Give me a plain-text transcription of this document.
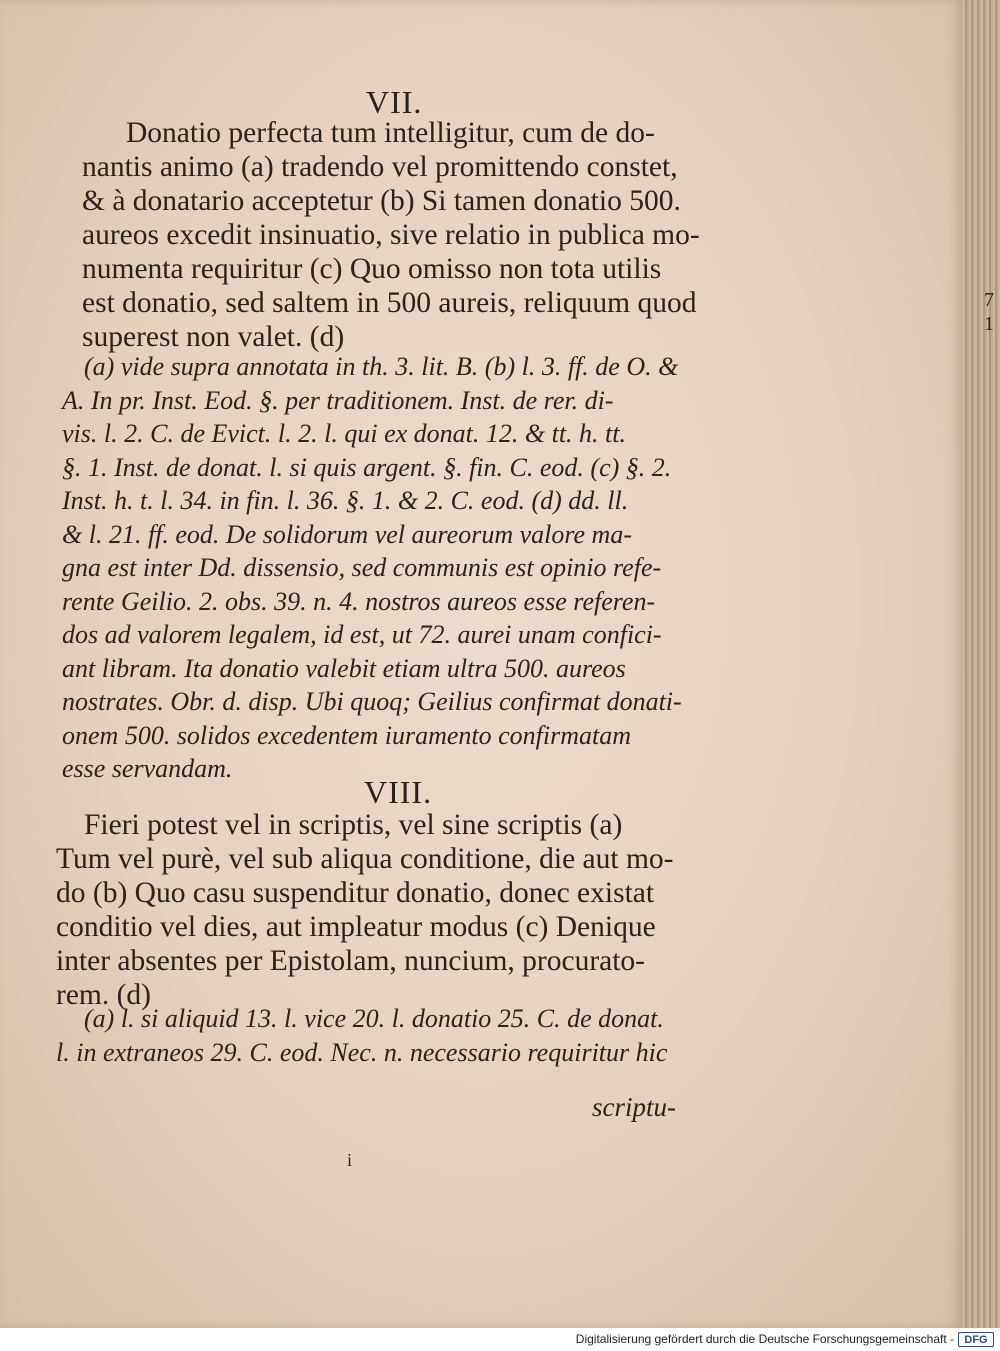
VII.
Donatio perfecta tum intelligitur, cum de do-
nantis animo (a) tradendo vel promittendo constet,
& à donatario acceptetur (b) Si tamen donatio 500.
aureos excedit insinuatio, sive relatio in publica mo-
numenta requiritur (c) Quo omisso non tota utilis
est donatio, sed saltem in 500 aureis, reliquum quod
superest non valet. (d)
(a) vide supra annotata in th. 3. lit. B. (b) l. 3. ff. de O. &
A. In pr. Inst. Eod. §. per traditionem. Inst. de rer. di-
vis. l. 2. C. de Evict. l. 2. l. qui ex donat. 12. & tt. h. tt.
§. 1. Inst. de donat. l. si quis argent. §. fin. C. eod. (c) §. 2.
Inst. h. t. l. 34. in fin. l. 36. §. 1. & 2. C. eod. (d) dd. ll.
& l. 21. ff. eod. De solidorum vel aureorum valore ma-
gna est inter Dd. dissensio, sed communis est opinio refe-
rente Geilio. 2. obs. 39. n. 4. nostros aureos esse referen-
dos ad valorem legalem, id est, ut 72. aurei unam confici-
ant libram. Ita donatio valebit etiam ultra 500. aureos
nostrates. Obr. d. disp. Ubi quoq; Geilius confirmat donati-
onem 500. solidos excedentem iuramento confirmatam
esse servandam.
VIII.
Fieri potest vel in scriptis, vel sine scriptis (a)
Tum vel purè, vel sub aliqua conditione, die aut mo-
do (b) Quo casu suspenditur donatio, donec existat
conditio vel dies, aut impleatur modus (c) Denique
inter absentes per Epistolam, nuncium, procurato-
rem. (d)
(a) l. si aliquid 13. l. vice 20. l. donatio 25. C. de donat.
l. in extraneos 29. C. eod. Nec. n. necessario requiritur hic
scriptu-
i
7
1
Digitalisierung gefördert durch die Deutsche Forschungsgemeinschaft - DFG
